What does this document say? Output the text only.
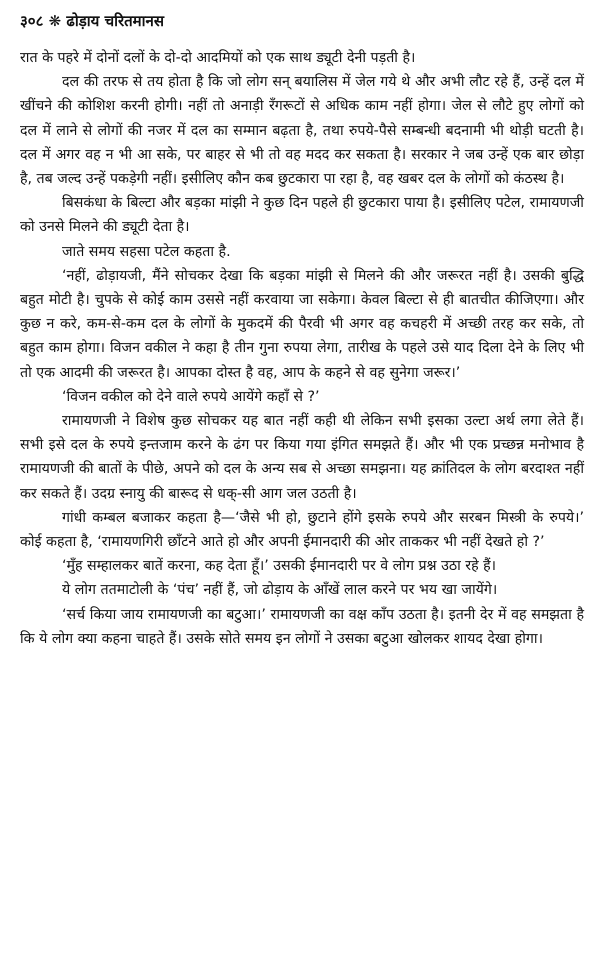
३०८ ❋ ढोड़ाय चरितमानस

रात के पहरे में दोनों दलों के दो-दो आदमियों को एक साथ ड्यूटी देनी पड़ती है।

दल की तरफ से तय होता है कि जो लोग सन् बयालिस में जेल गये थे और अभी लौट रहे हैं, उन्हें दल में खींचने की कोशिश करनी होगी। नहीं तो अनाड़ी रँगरूटों से अधिक काम नहीं होगा। जेल से लौटे हुए लोगों को दल में लाने से लोगों की नजर में दल का सम्मान बढ़ता है, तथा रुपये-पैसे सम्बन्धी बदनामी भी थोड़ी घटती है। दल में अगर वह न भी आ सके, पर बाहर से भी तो वह मदद कर सकता है। सरकार ने जब उन्हें एक बार छोड़ा है, तब जल्द उन्हें पकड़ेगी नहीं। इसीलिए कौन कब छुटकारा पा रहा है, वह खबर दल के लोगों को कंठस्थ है।

बिसकंधा के बिल्टा और बड़का मांझी ने कुछ दिन पहले ही छुटकारा पाया है। इसीलिए पटेल, रामायणजी को उनसे मिलने की ड्यूटी देता है।

जाते समय सहसा पटेल कहता है.

‘नहीं, ढोड़ायजी, मैंने सोचकर देखा कि बड़का मांझी से मिलने की और जरूरत नहीं है। उसकी बुद्धि बहुत मोटी है। चुपके से कोई काम उससे नहीं करवाया जा सकेगा। केवल बिल्टा से ही बातचीत कीजिएगा। और कुछ न करे, कम-से-कम दल के लोगों के मुकदमें की पैरवी भी अगर वह कचहरी में अच्छी तरह कर सके, तो बहुत काम होगा। विजन वकील ने कहा है तीन गुना रुपया लेगा, तारीख के पहले उसे याद दिला देने के लिए भी तो एक आदमी की जरूरत है। आपका दोस्त है वह, आप के कहने से वह सुनेगा जरूर।’

‘विजन वकील को देने वाले रुपये आयेंगे कहाँ से ?’

रामायणजी ने विशेष कुछ सोचकर यह बात नहीं कही थी लेकिन सभी इसका उल्टा अर्थ लगा लेते हैं। सभी इसे दल के रुपये इन्तजाम करने के ढंग पर किया गया इंगित समझते हैं। और भी एक प्रच्छन्न मनोभाव है रामायणजी की बातों के पीछे, अपने को दल के अन्य सब से अच्छा समझना। यह क्रांतिदल के लोग बरदाश्त नहीं कर सकते हैं। उदग्र स्नायु की बारूद से धक्-सी आग जल उठती है।

गांधी कम्बल बजाकर कहता है—‘जैसे भी हो, छुटाने होंगे इसके रुपये और सरबन मिस्त्री के रुपये।’ कोई कहता है, ‘रामायणगिरी छाँटने आते हो और अपनी ईमानदारी की ओर ताककर भी नहीं देखते हो ?’

‘मुँह सम्हालकर बातें करना, कह देता हूँ।’ उसकी ईमानदारी पर वे लोग प्रश्न उठा रहे हैं।

ये लोग ततमाटोली के ‘पंच’ नहीं हैं, जो ढोड़ाय के आँखें लाल करने पर भय खा जायेंगे।

‘सर्च किया जाय रामायणजी का बटुआ।’ रामायणजी का वक्ष काँप उठता है। इतनी देर में वह समझता है कि ये लोग क्या कहना चाहते हैं। उसके सोते समय इन लोगों ने उसका बटुआ खोलकर शायद देखा होगा।
